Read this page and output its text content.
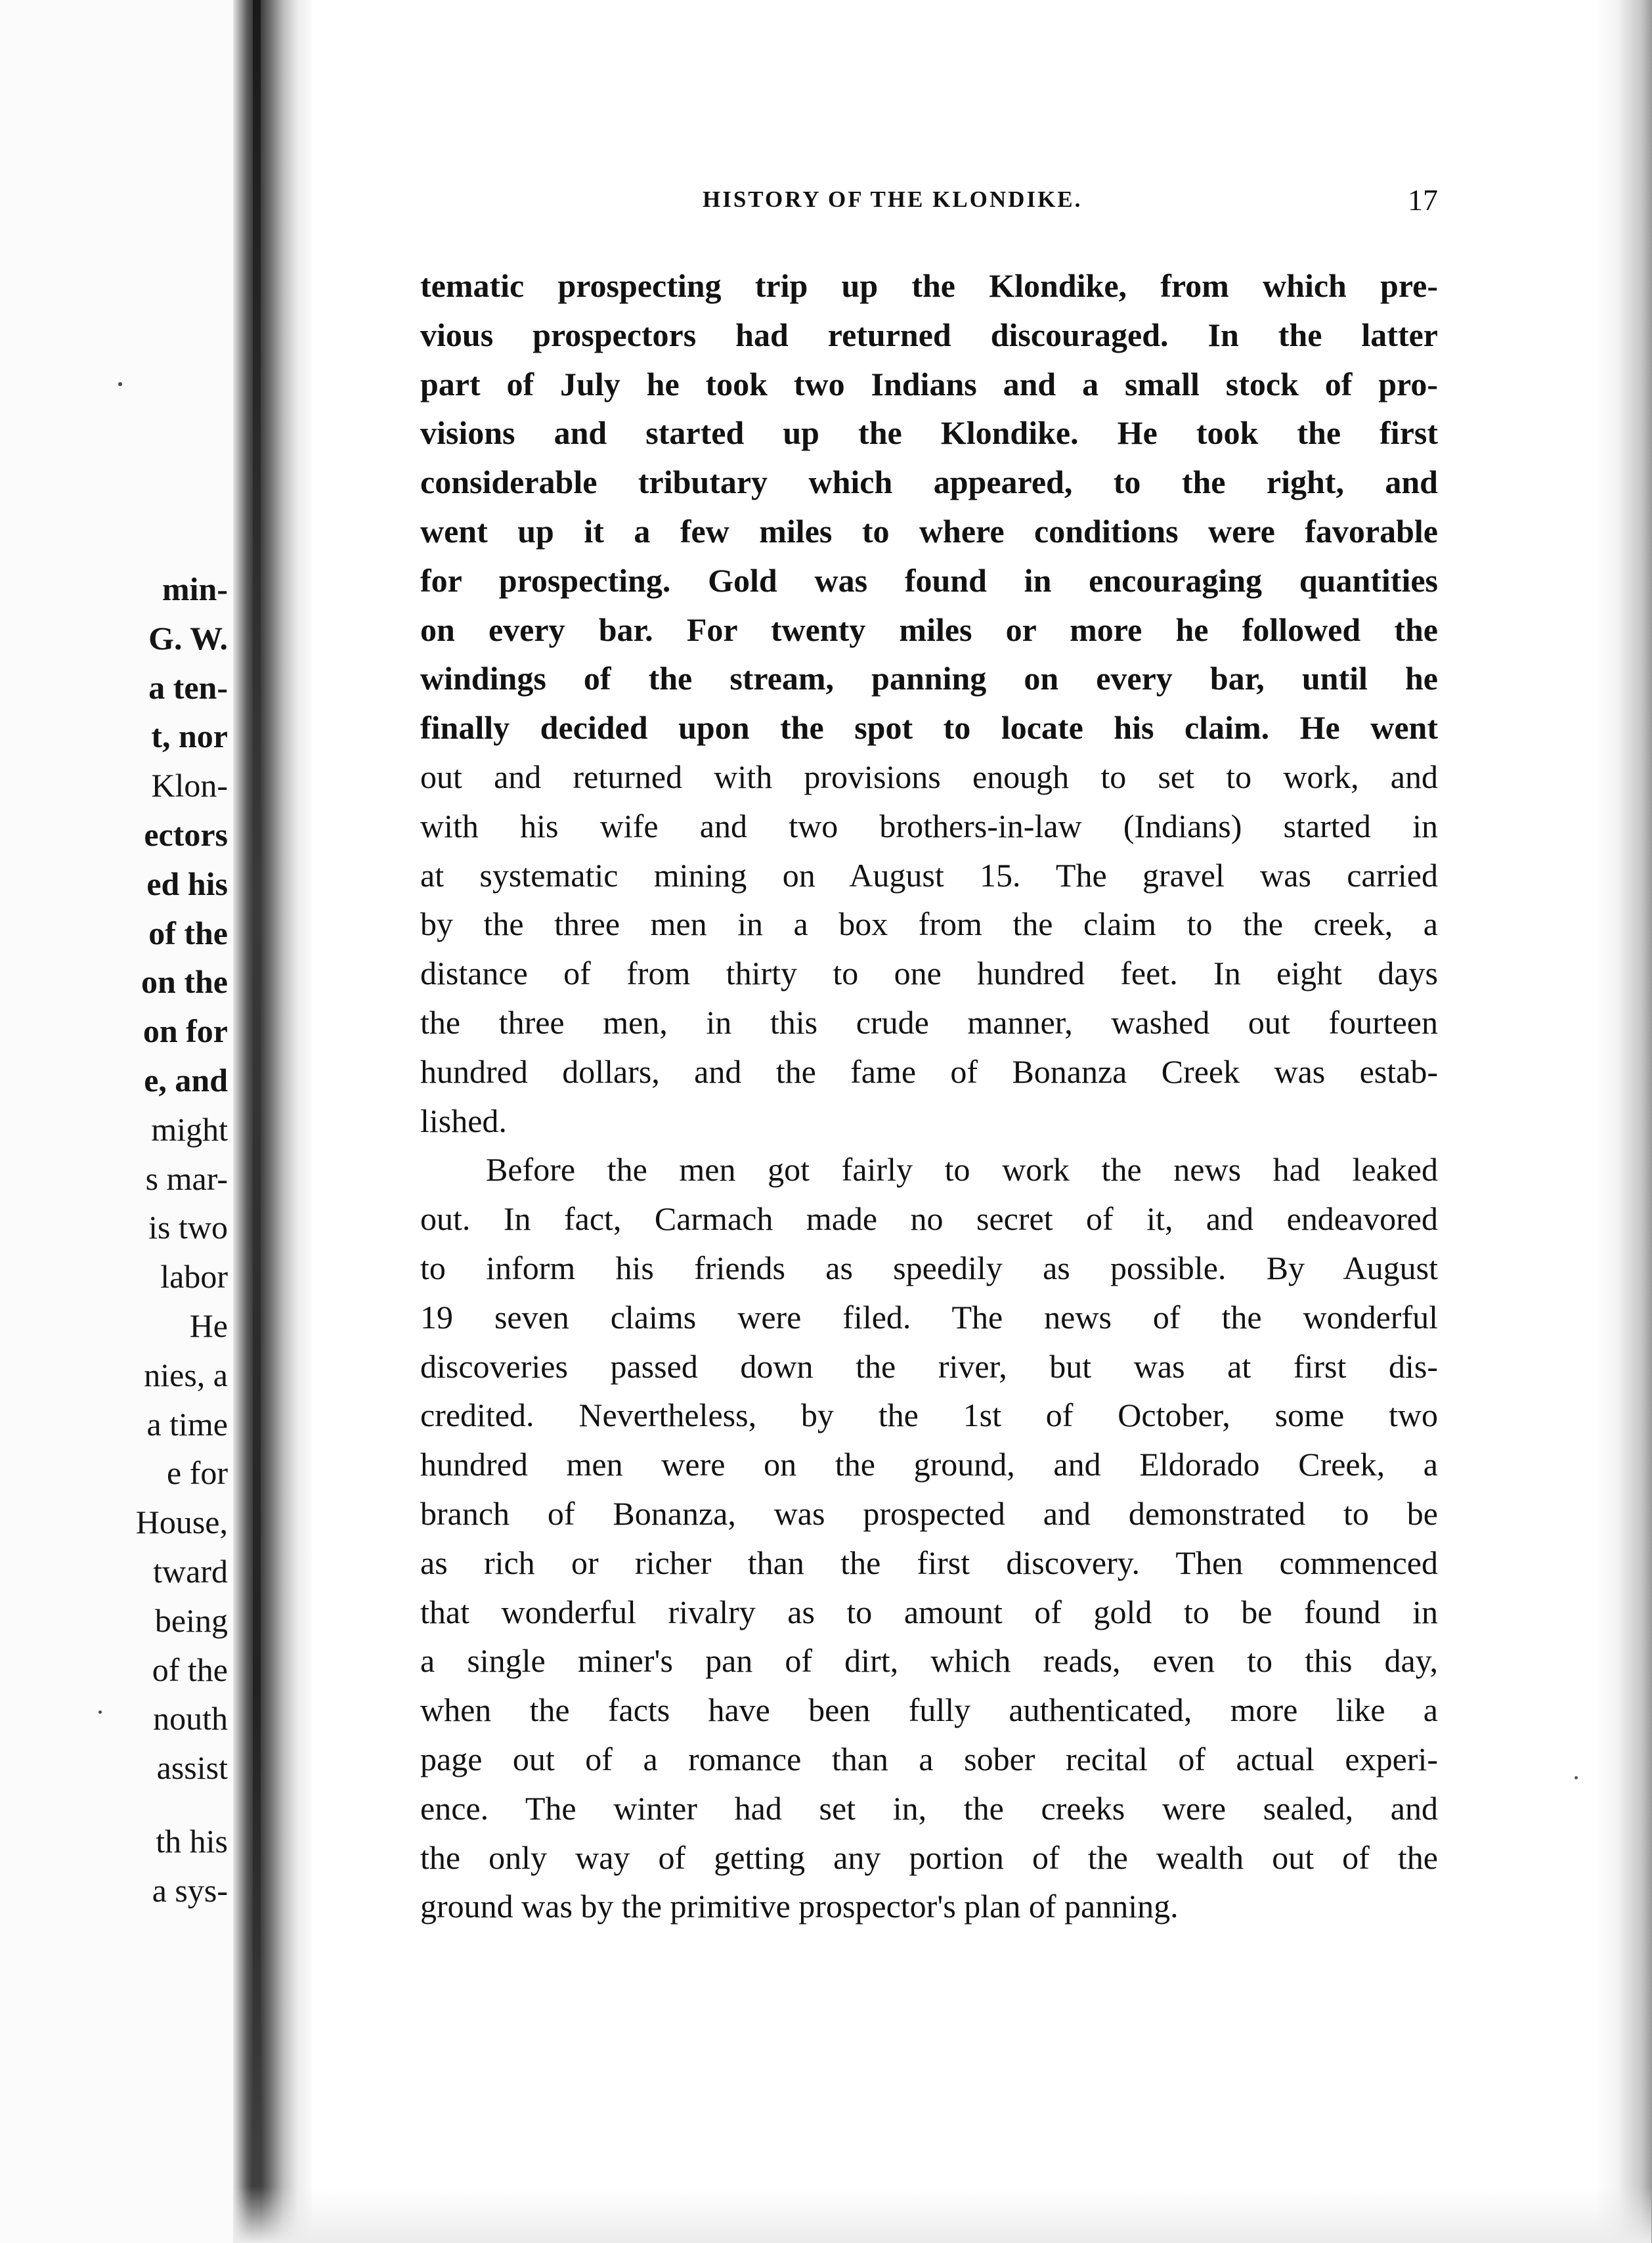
min-
G. W.
a ten-
t, nor
Klon-
ectors
ed his
of the
on the
on for
e, and
might
s mar-
is two
labor
He
nies, a
a time
e for
House,
tward
being
of the
nouth
assist
th his
a sys-
HISTORY OF THE KLONDIKE.	17
tematic prospecting trip up the Klondike, from which pre-
vious prospectors had returned discouraged. In the latter
part of July he took two Indians and a small stock of pro-
visions and started up the Klondike. He took the first
considerable tributary which appeared, to the right, and
went up it a few miles to where conditions were favorable
for prospecting. Gold was found in encouraging quantities
on every bar. For twenty miles or more he followed the
windings of the stream, panning on every bar, until he
finally decided upon the spot to locate his claim. He went
out and returned with provisions enough to set to work, and
with his wife and two brothers-in-law (Indians) started in
at systematic mining on August 15. The gravel was carried
by the three men in a box from the claim to the creek, a
distance of from thirty to one hundred feet. In eight days
the three men, in this crude manner, washed out fourteen
hundred dollars, and the fame of Bonanza Creek was estab-
lished.
Before the men got fairly to work the news had leaked
out. In fact, Carmach made no secret of it, and endeavored
to inform his friends as speedily as possible. By August
19 seven claims were filed. The news of the wonderful
discoveries passed down the river, but was at first dis-
credited. Nevertheless, by the 1st of October, some two
hundred men were on the ground, and Eldorado Creek, a
branch of Bonanza, was prospected and demonstrated to be
as rich or richer than the first discovery. Then commenced
that wonderful rivalry as to amount of gold to be found in
a single miner's pan of dirt, which reads, even to this day,
when the facts have been fully authenticated, more like a
page out of a romance than a sober recital of actual experi-
ence. The winter had set in, the creeks were sealed, and
the only way of getting any portion of the wealth out of the
ground was by the primitive prospector's plan of panning.
